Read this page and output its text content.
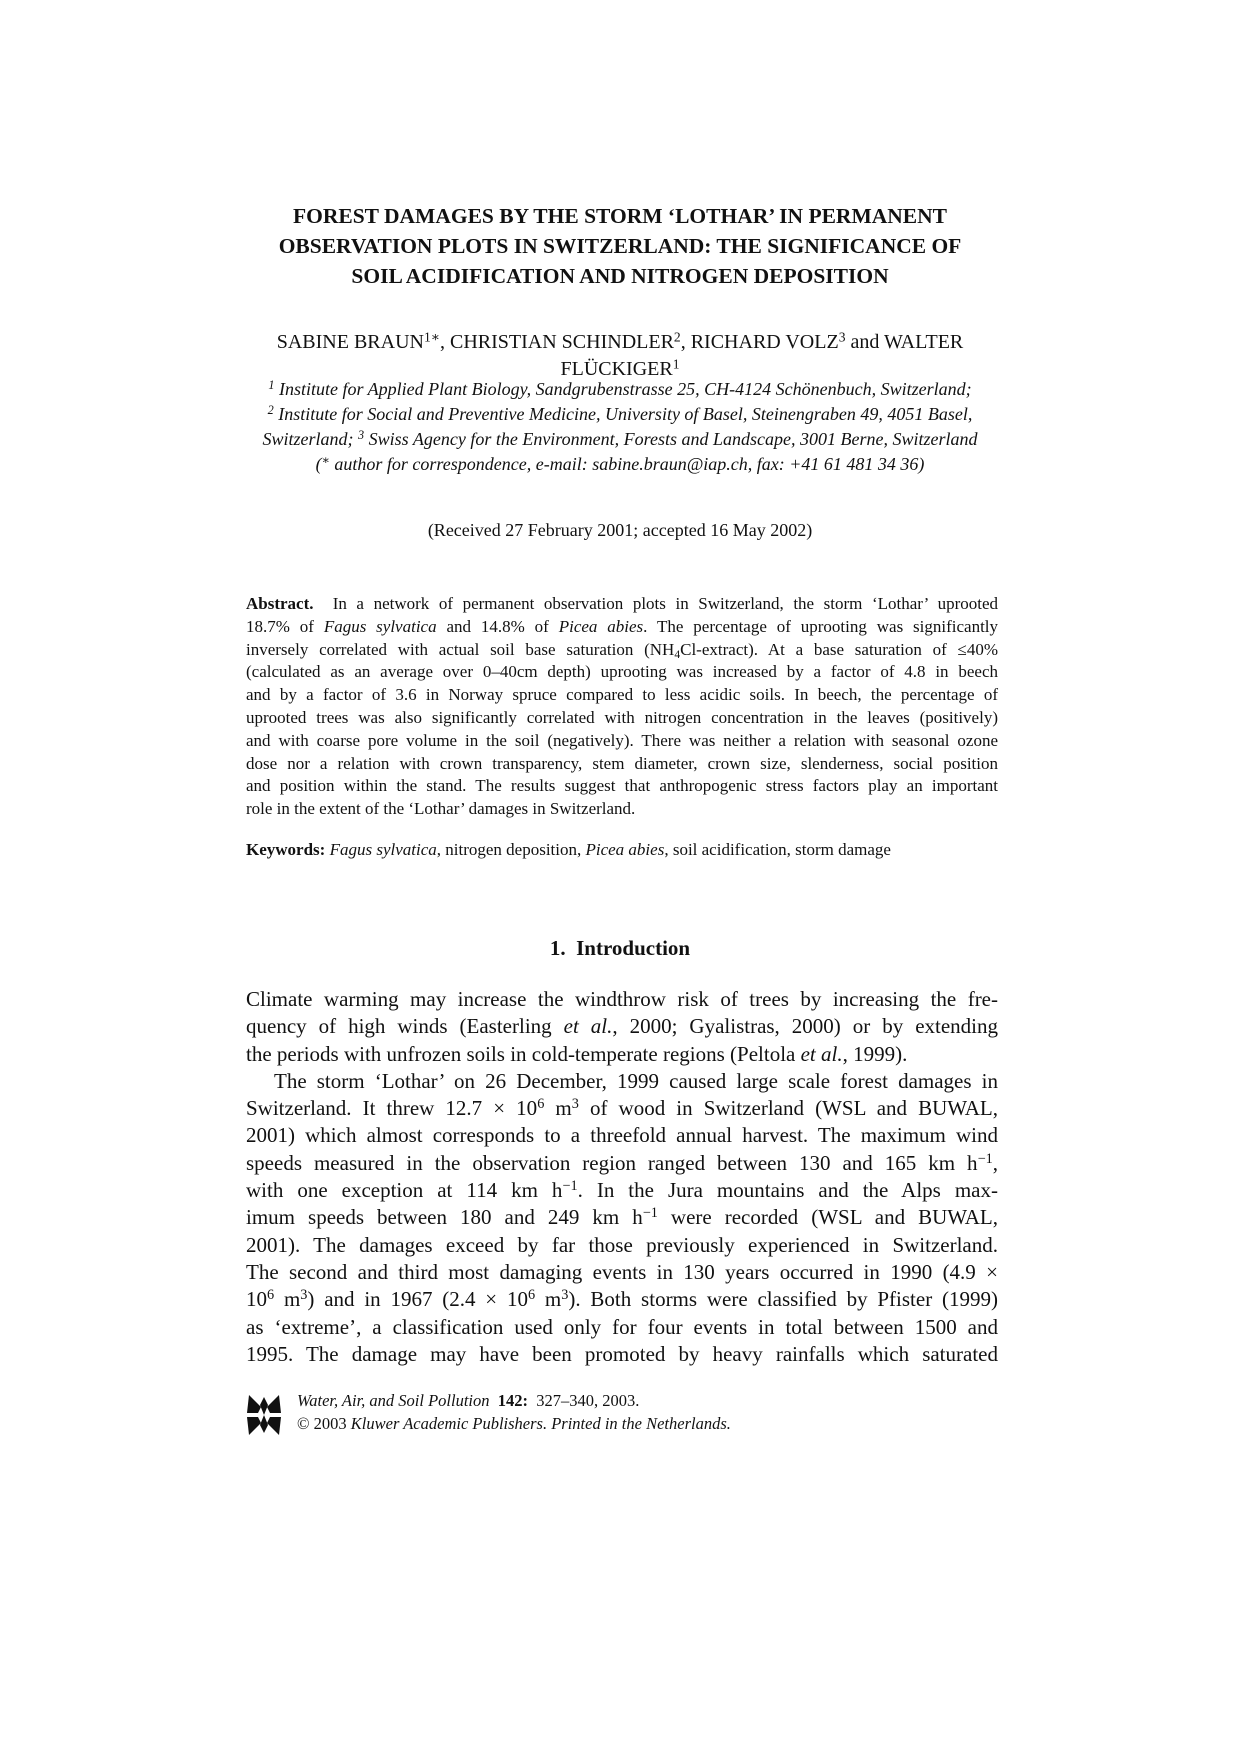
FOREST DAMAGES BY THE STORM ‘LOTHAR’ IN PERMANENT
OBSERVATION PLOTS IN SWITZERLAND: THE SIGNIFICANCE OF
SOIL ACIDIFICATION AND NITROGEN DEPOSITION
SABINE $BRAUN^{1∗}$, CHRISTIAN SCHINDLER$^2$, RICHARD VOLZ$^3$ and WALTER
FLÜCKIGER$^1$
$^1$ Institute for Applied Plant Biology, Sandgrubenstrasse 25, CH-4124 Schönenbuch, Switzerland;
$^2$ Institute for Social and Preventive Medicine, University of Basel, Steinengraben 49, 4051 Basel,
Switzerland; $^3$ Swiss Agency for the Environment, Forests and Landscape, 3001 Berne, Switzerland
(∗ author for correspondence, e-mail: sabine.braun@iap.ch, fax: +41 61 481 34 36)
(Received 27 February 2001; accepted 16 May 2002)
Abstract. In a network of permanent observation plots in Switzerland, the storm ‘Lothar’ uprooted
18.7% of Fagus sylvatica and 14.8% of Picea abies. The percentage of uprooting was significantly
inversely correlated with actual soil base saturation $(NH_4Cl-extract)$. At a base saturation of ≤40%
(calculated as an average over 0–40cm depth) uprooting was increased by a factor of 4.8 in beech
and by a factor of 3.6 in Norway spruce compared to less acidic soils. In beech, the percentage of
uprooted trees was also significantly correlated with nitrogen concentration in the leaves (positively)
and with coarse pore volume in the soil (negatively). There was neither a relation with seasonal ozone
dose nor a relation with crown transparency, stem diameter, crown size, slenderness, social position
and position within the stand. The results suggest that anthropogenic stress factors play an important
role in the extent of the ‘Lothar’ damages in Switzerland.
Keywords: Fagus sylvatica, nitrogen deposition, Picea abies, soil acidification, storm damage
1. Introduction
Climate warming may increase the windthrow risk of trees by increasing the fre-
quency of high winds (Easterling et al., 2000; Gyalistras, 2000) or by extending
the periods with unfrozen soils in cold-temperate regions (Peltola et al., 1999).
The storm ‘Lothar’ on 26 December, 1999 caused large scale forest damages in
Switzerland. It threw $12.7 \times 10^6$ $m^3$ of wood in Switzerland (WSL and BUWAL,
2001) which almost corresponds to a threefold annual harvest. The maximum wind
speeds measured in the observation region ranged between 130 and 165 km $h^{-1}$,
with one exception at 114 km $h^{-1}$. In the Jura mountains and the Alps max-
imum speeds between 180 and 249 km $h^{-1}$ were recorded (WSL and BUWAL,
2001). The damages exceed by far those previously experienced in Switzerland.
The second and third most damaging events in 130 years occurred in 1990 (4.9 ×
$10^6$ $m^3$) and in 1967 ($2.4 \times 10^6$ $m^3$). Both storms were classified by Pfister (1999)
as ‘extreme’, a classification used only for four events in total between 1500 and
1995. The damage may have been promoted by heavy rainfalls which saturated
Water, Air, and Soil Pollution 142: 327–340, 2003.
© 2003 Kluwer Academic Publishers. Printed in the Netherlands.
